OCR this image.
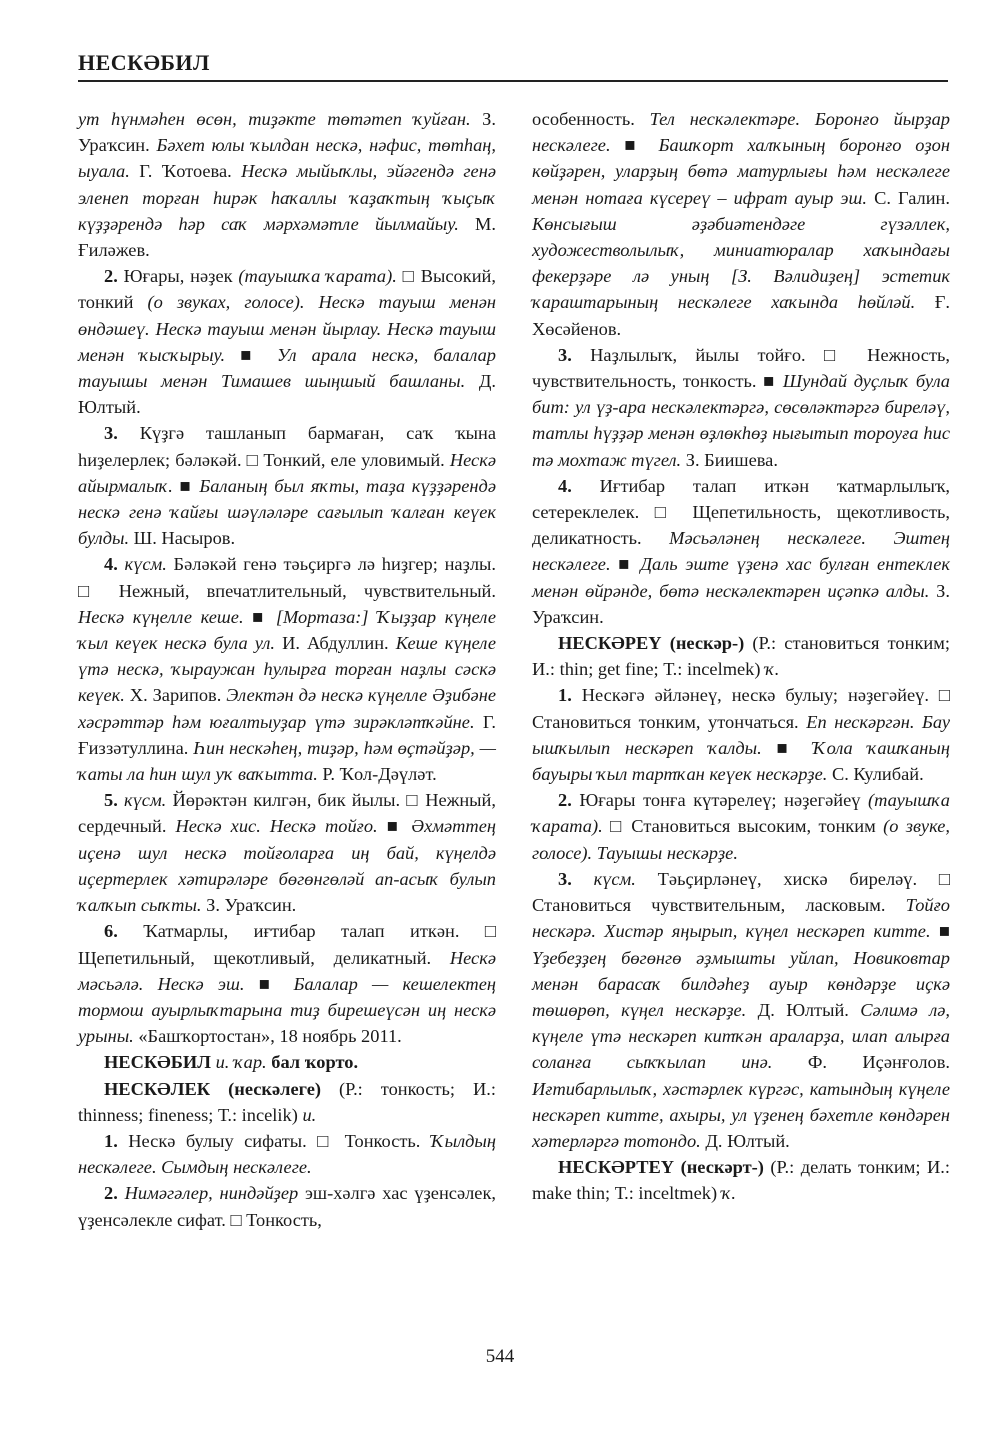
НЕСКӘБИЛ

ут һүнмәһен өсөн, тиҙәкте төтәтеп ҡуйған. З. Ураҡсин. Бәхет юлы ҡылдан нескә, нәфис, төтһаң, ыуала. Г. Ҡотоева. Нескә мыйыҡлы, эйәгендә генә эленеп торған һирәк һаҡаллы ҡаҙаҡтың ҡыҫыҡ күҙҙәрендә һәр саҡ мәрхәмәтле йылмайыу. М. Ғиләжев.

2. Юғары, нәҙек (тауышҡа ҡарата). □ Высокий, тонкий (о звуках, голосе). Нескә тауыш менән өндәшеү. Нескә тауыш менән йырлау. Нескә тауыш менән ҡысҡырыу. ■ Ул арала нескә, балалар тауышы менән Тимашев шыңшый башланы. Д. Юлтый.

3. Күҙгә ташланып бармаған, саҡ ҡына һиҙелерлек; бәләкәй. □ Тонкий, еле уловимый. Нескә айырмалыҡ. ■ Баланың был яҡты, таҙа күҙҙәрендә нескә генә ҡайғы шәүләләре сағылып ҡалған кеүек булды. Ш. Насыров.

4. күсм. Бәләкәй генә тәьҫиргә лә һиҙгер; наҙлы. □ Нежный, впечатлительный, чувствительный. Нескә күңелле кеше. ■ [Мортаза:] Ҡыҙҙар күңеле ҡыл кеүек нескә була ул. И. Абдуллин. Кеше күңеле үтә нескә, ҡыраужан һулырға торған наҙлы сәскә кеүек. Х. Зарипов. Электән дә нескә күңелле Әҙибәне хәсрәттәр һәм юғалтыуҙар үтә зирәкләтҡәйне. Г. Ғиззәтуллина. Һин нескәһең, тиҙәр, һәм өҫтәйҙәр, — ҡаты ла һин шул уҡ ваҡытта. Р. Ҡол-Дәүләт.

5. күсм. Йөрәктән килгән, бик йылы. □ Нежный, сердечный. Нескә хис. Нескә тойғо. ■ Әхмәттең иҫенә шул нескә тойғоларға иң бай, күңелдә иҫертерлек хәтирәләре бөгөнгөләй ап-асыҡ булып ҡалҡып сыҡты. З. Ураҡсин.

6. Ҡатмарлы, иғтибар талап иткән. □ Щепетильный, щекотливый, деликатный. Нескә мәсьәлә. Нескә эш. ■ Балалар — кешелектең тормош ауырлыҡтарына тиҙ бирешеүсән иң нескә урыны. «Башҡортостан», 18 ноябрь 2011.

НЕСКӘБИЛ и. ҡар. бал ҡорто.

НЕСКӘЛЕК (нескәлеге) (Р.: тонкость; И.: thinness; fineness; Т.: incelik) и.

1. Нескә булыу сифаты. □ Тонкость. Ҡылдың нескәлеге. Сымдың нескәлеге.

2. Нимәгәлер, ниндәйҙер эш-хәлгә хас үҙенсәлек, үҙенсәлекле сифат. □ Тонкость,

особенность. Тел нескәлектәре. Боронғо йырҙар нескәлеге. ■ Башҡорт халҡының боронғо оҙон көйҙәрен, уларҙың бөтә матурлығы һәм нескәлеге менән нотаға күсереү – ифрат ауыр эш. С. Галин. Көнсығыш әҙәбиәтендәге гүзәллек, художестволылыҡ, миниатюралар хаҡындағы фекерҙәре лә уның [З. Вәлидиҙең] эстетик ҡараштарының нескәлеге хаҡында һөйләй. Ғ. Хөсәйенов.

3. Наҙлылыҡ, йылы тойғо. □ Нежность, чувствительность, тонкость. ■ Шундай дуҫлыҡ була бит: ул үҙ-ара нескәлектәргә, сөсөләктәргә биреләү, татлы һүҙҙәр менән өҙлөкһөҙ нығытып тороуға һис тә мохтаж түгел. З. Биишева.

4. Иғтибар талап иткән ҡатмарлылыҡ, сетереклелек. □ Щепетильность, щекотливость, деликатность. Мәсьәләнең нескәлеге. Эштең нескәлеге. ■ Даль эште үҙенә хас булған ентеклек менән өйрәнде, бөтә нескәлектәрен иҫәпкә алды. З. Ураҡсин.

НЕСКӘРЕҮ (нескәр-) (Р.: становиться тонким; И.: thin; get fine; Т.: incelmek) ҡ.

1. Нескәгә әйләнеү, нескә булыу; нәҙегәйеү. □ Становиться тонким, утончаться. Еп нескәргән. Бау ышҡылып нескәреп ҡалды. ■ Ҡола ҡашҡаның бауыры ҡыл тартҡан кеүек нескәрҙе. С. Кулибай.

2. Юғары тонға күтәрелеү; нәҙегәйеү (тауышҡа ҡарата). □ Становиться высоким, тонким (о звуке, голосе). Тауышы нескәрҙе.

3. күсм. Тәьҫирләнеү, хискә биреләү. □ Становиться чувствительным, ласковым. Тойғо нескәрә. Хистәр яңырып, күңел нескәреп китте. ■ Үҙебеҙҙең бөгөнгө әҙмышты уйлап, Новиковтар менән барасаҡ билдәһеҙ ауыр көндәрҙе иҫкә төшөрөп, күңел нескәрҙе. Д. Юлтый. Сәлимә лә, күңеле үтә нескәреп китҡән араларҙа, илап алырға соланға сыҡҡылап инә. Ф. Иҫәнғолов. Иғтибарлылыҡ, хәстәрлек күргәс, катындың күңеле нескәреп китте, ахыры, ул үҙенең бәхетле көндәрен хәтерләргә тотондо. Д. Юлтый.

НЕСКӘРТЕҮ (нескәрт-) (Р.: делать тонким; И.: make thin; Т.: inceltmek) ҡ.

544
